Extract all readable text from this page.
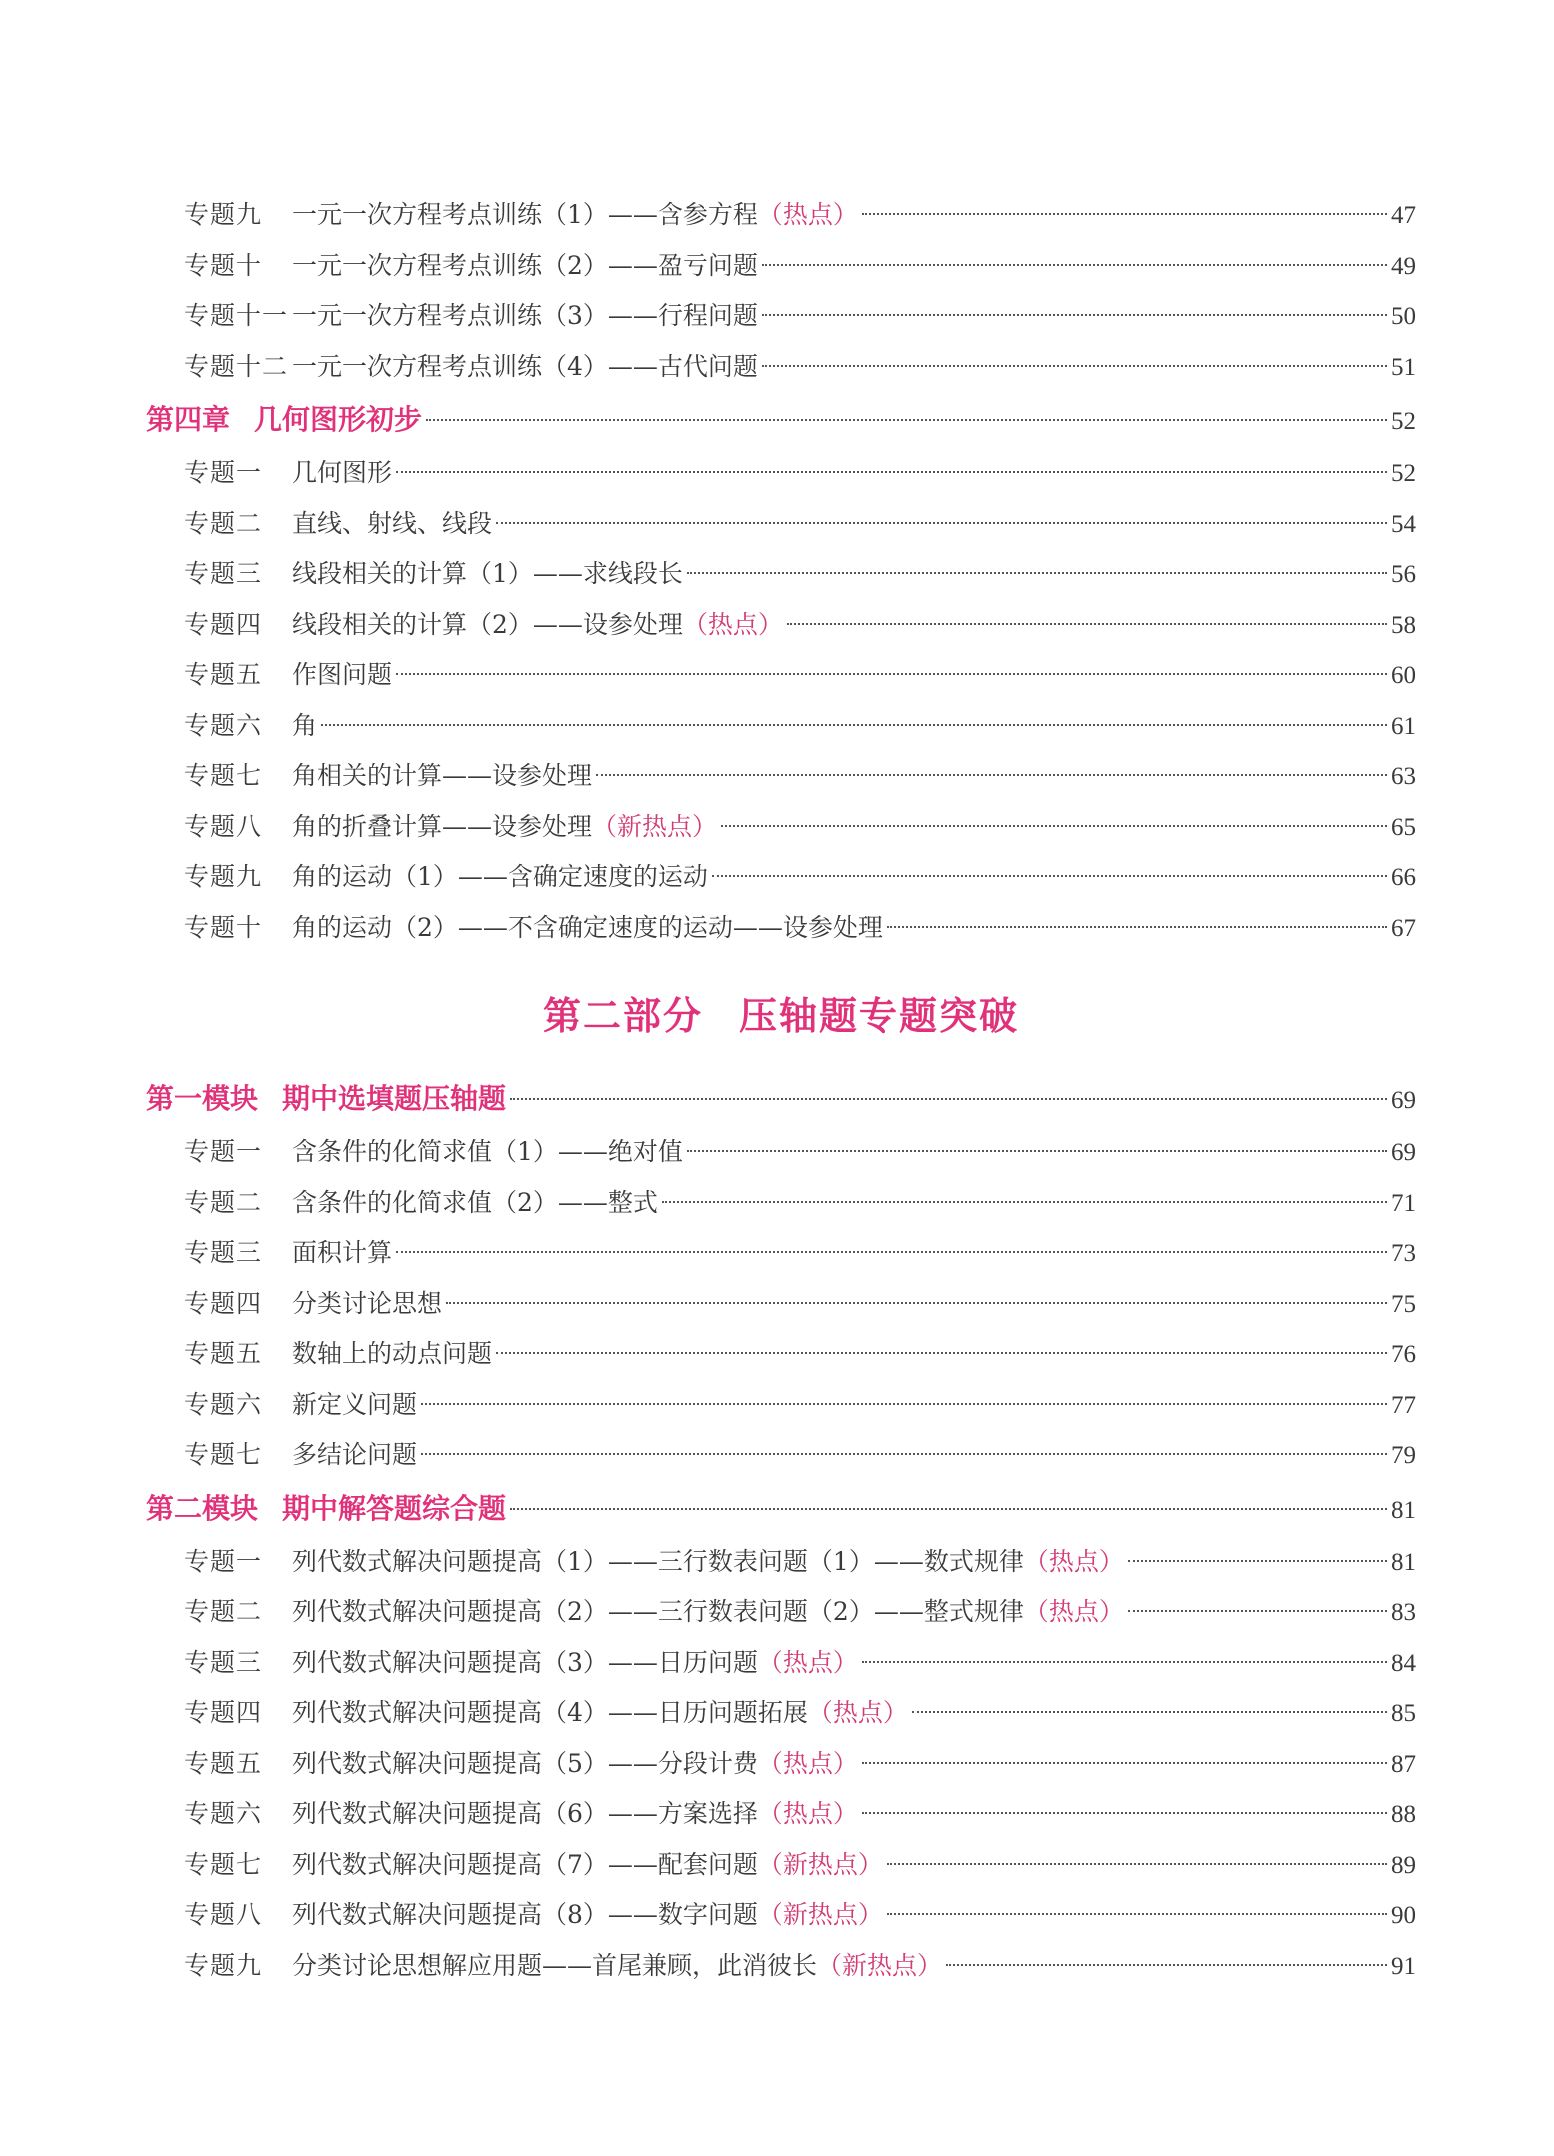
专题九	一元一次方程考点训练（1）——含参方程 （热点）	47
专题十	一元一次方程考点训练（2）——盈亏问题	49
专题十一 一元一次方程考点训练（3）——行程问题	50
专题十二 一元一次方程考点训练（4）——古代问题	51
第四章 几何图形初步	52
专题一	几何图形	52
专题二	直线、射线、线段	54
专题三	线段相关的计算（1）——求线段长	56
专题四	线段相关的计算（2）——设参处理 （热点）	58
专题五	作图问题	60
专题六	角	61
专题七	角相关的计算——设参处理	63
专题八	角的折叠计算——设参处理 （新热点）	65
专题九	角的运动（1）——含确定速度的运动	66
专题十	角的运动（2）——不含确定速度的运动——设参处理	67
第二部分 压轴题专题突破
第一模块 期中选填题压轴题	69
专题一	含条件的化简求值（1）——绝对值	69
专题二	含条件的化简求值（2）——整式	71
专题三	面积计算	73
专题四	分类讨论思想	75
专题五	数轴上的动点问题	76
专题六	新定义问题	77
专题七	多结论问题	79
第二模块 期中解答题综合题	81
专题一	列代数式解决问题提高（1）——三行数表问题（1）——数式规律 （热点）	81
专题二	列代数式解决问题提高（2）——三行数表问题（2）——整式规律 （热点）	83
专题三	列代数式解决问题提高（3）——日历问题 （热点）	84
专题四	列代数式解决问题提高（4）——日历问题拓展 （热点）	85
专题五	列代数式解决问题提高（5）——分段计费 （热点）	87
专题六	列代数式解决问题提高（6）——方案选择 （热点）	88
专题七	列代数式解决问题提高（7）——配套问题 （新热点）	89
专题八	列代数式解决问题提高（8）——数字问题 （新热点）	90
专题九	分类讨论思想解应用题——首尾兼顾，此消彼长 （新热点）	91
